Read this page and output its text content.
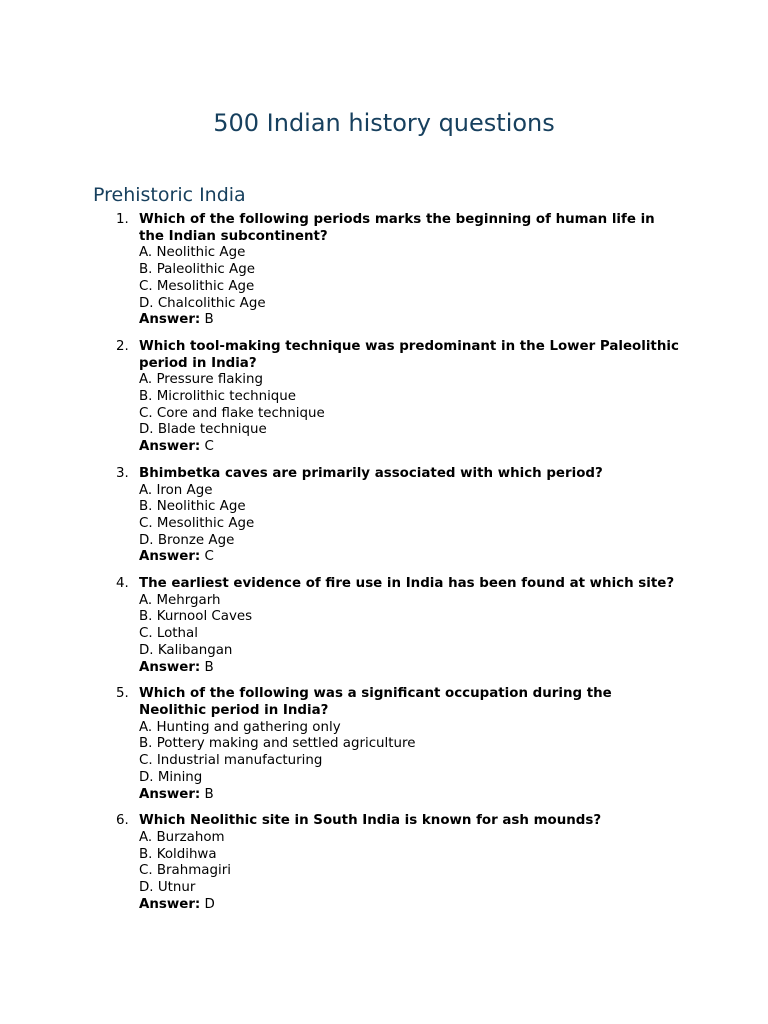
500 Indian history questions
Prehistoric India
1. Which of the following periods marks the beginning of human life in the Indian subcontinent?
A. Neolithic Age
B. Paleolithic Age
C. Mesolithic Age
D. Chalcolithic Age
Answer: B
2. Which tool-making technique was predominant in the Lower Paleolithic period in India?
A. Pressure flaking
B. Microlithic technique
C. Core and flake technique
D. Blade technique
Answer: C
3. Bhimbetka caves are primarily associated with which period?
A. Iron Age
B. Neolithic Age
C. Mesolithic Age
D. Bronze Age
Answer: C
4. The earliest evidence of fire use in India has been found at which site?
A. Mehrgarh
B. Kurnool Caves
C. Lothal
D. Kalibangan
Answer: B
5. Which of the following was a significant occupation during the Neolithic period in India?
A. Hunting and gathering only
B. Pottery making and settled agriculture
C. Industrial manufacturing
D. Mining
Answer: B
6. Which Neolithic site in South India is known for ash mounds?
A. Burzahom
B. Koldihwa
C. Brahmagiri
D. Utnur
Answer: D
